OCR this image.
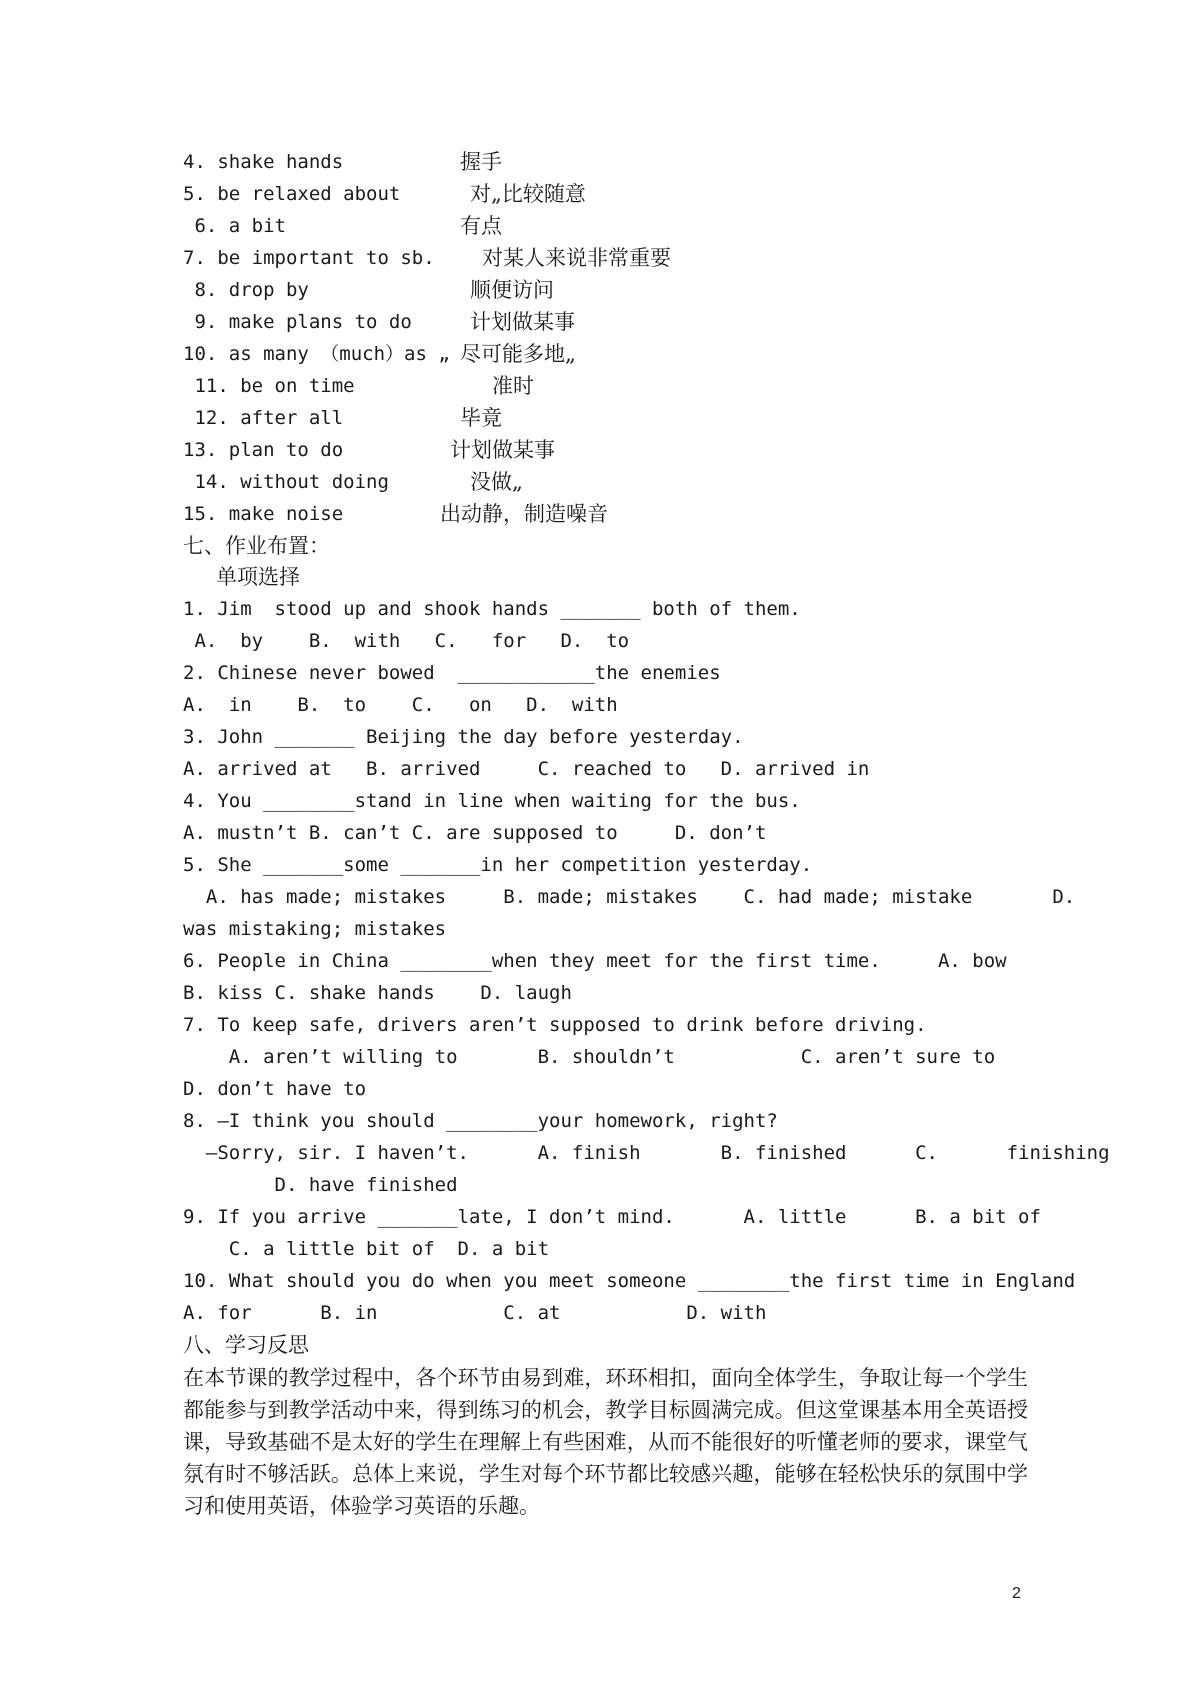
4. shake hands	握手
5. be relaxed about	对„比较随意
6. a bit	有点
7. be important to sb. 对某人来说非常重要
8. drop by	顺便访问
9. make plans to do	计划做某事
10. as many （much）as „ 尽可能多地„
11. be on time	准时
12. after all	毕竟
13. plan to do	计划做某事
14. without doing	没做„
15. make noise	出动静，制造噪音
七、作业布置：
单项选择
1. Jim  stood up and shook hands _______ both of them.
A.  by    B.  with   C.   for   D.  to
2. Chinese never bowed  ____________the enemies
A.  in    B.  to    C.   on   D.  with
3. John _______ Beijing the day before yesterday.
A. arrived at   B. arrived     C. reached to   D. arrived in
4. You ________stand in line when waiting for the bus.
A. mustn’t B. can’t C. are supposed to     D. don’t
5. She _______some _______in her competition yesterday.
A. has made; mistakes     B. made; mistakes    C. had made; mistake       D.
was mistaking; mistakes
6. People in China ________when they meet for the first time.     A. bow
B. kiss C. shake hands    D. laugh
7. To keep safe, drivers aren’t supposed to drink before driving.
A. aren’t willing to       B. shouldn’t           C. aren’t sure to
D. don’t have to
8. —I think you should ________your homework, right?
—Sorry, sir. I haven’t.      A. finish       B. finished      C.      finishing
D. have finished
9. If you arrive _______late, I don’t mind.      A. little      B. a bit of
C. a little bit of  D. a bit
10. What should you do when you meet someone ________the first time in England
A. for      B. in           C. at           D. with
八、学习反思
在本节课的教学过程中，各个环节由易到难，环环相扣，面向全体学生，争取让每一个学生都能参与到教学活动中来，得到练习的机会，教学目标圆满完成。但这堂课基本用全英语授课，导致基础不是太好的学生在理解上有些困难，从而不能很好的听懂老师的要求，课堂气氛有时不够活跃。总体上来说，学生对每个环节都比较感兴趣，能够在轻松快乐的氛围中学习和使用英语，体验学习英语的乐趣。
2
